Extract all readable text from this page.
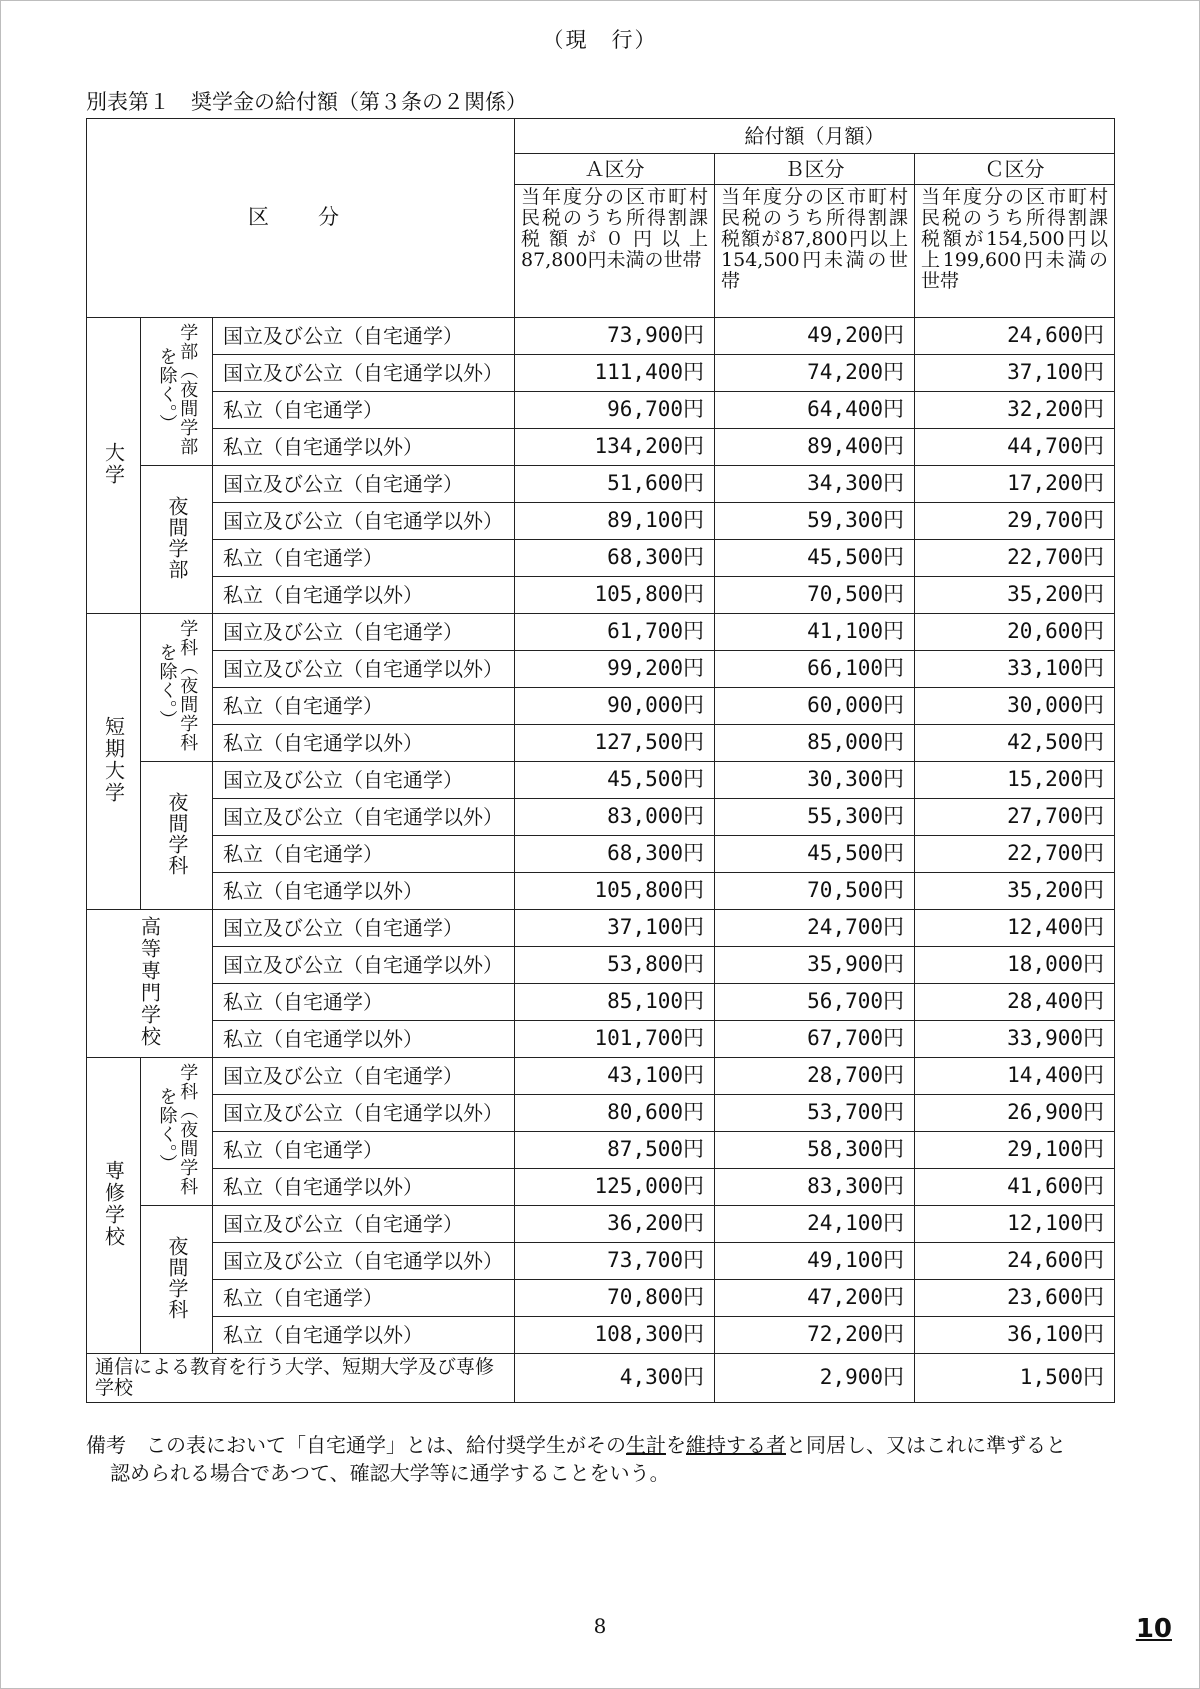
（現　行）
別表第１　奨学金の給付額（第３条の２関係）
区　分			給付額（月額）		
			Ａ区分	Ｂ区分	Ｃ区分
			当年度分の区市町村民税のうち所得割課税額が０円以上87,800円未満の世帯	当年度分の区市町村民税のうち所得割課税額が87,800円以上154,500円未満の世帯	当年度分の区市町村民税のうち所得割課税額が154,500円以上199,600円未満の世帯
大学	学部（夜間学部を除く。）	国立及び公立（自宅通学）	73,900円	49,200円	24,600円
		国立及び公立（自宅通学以外）	111,400円	74,200円	37,100円
		私立（自宅通学）	96,700円	64,400円	32,200円
		私立（自宅通学以外）	134,200円	89,400円	44,700円
	夜間学部	国立及び公立（自宅通学）	51,600円	34,300円	17,200円
		国立及び公立（自宅通学以外）	89,100円	59,300円	29,700円
		私立（自宅通学）	68,300円	45,500円	22,700円
		私立（自宅通学以外）	105,800円	70,500円	35,200円
短期大学	学科（夜間学科を除く。）	国立及び公立（自宅通学）	61,700円	41,100円	20,600円
		国立及び公立（自宅通学以外）	99,200円	66,100円	33,100円
		私立（自宅通学）	90,000円	60,000円	30,000円
		私立（自宅通学以外）	127,500円	85,000円	42,500円
	夜間学科	国立及び公立（自宅通学）	45,500円	30,300円	15,200円
		国立及び公立（自宅通学以外）	83,000円	55,300円	27,700円
		私立（自宅通学）	68,300円	45,500円	22,700円
		私立（自宅通学以外）	105,800円	70,500円	35,200円
高等専門学校		国立及び公立（自宅通学）	37,100円	24,700円	12,400円
		国立及び公立（自宅通学以外）	53,800円	35,900円	18,000円
		私立（自宅通学）	85,100円	56,700円	28,400円
		私立（自宅通学以外）	101,700円	67,700円	33,900円
専修学校	学科（夜間学科を除く。）	国立及び公立（自宅通学）	43,100円	28,700円	14,400円
		国立及び公立（自宅通学以外）	80,600円	53,700円	26,900円
		私立（自宅通学）	87,500円	58,300円	29,100円
		私立（自宅通学以外）	125,000円	83,300円	41,600円
	夜間学科	国立及び公立（自宅通学）	36,200円	24,100円	12,100円
		国立及び公立（自宅通学以外）	73,700円	49,100円	24,600円
		私立（自宅通学）	70,800円	47,200円	23,600円
		私立（自宅通学以外）	108,300円	72,200円	36,100円
通信による教育を行う大学、短期大学及び専修学校			4,300円	2,900円	1,500円
備考　この表において「自宅通学」とは、給付奨学生がその生計を維持する者と同居し、又はこれに準ずると
認められる場合であつて、確認大学等に通学することをいう。
8	10
